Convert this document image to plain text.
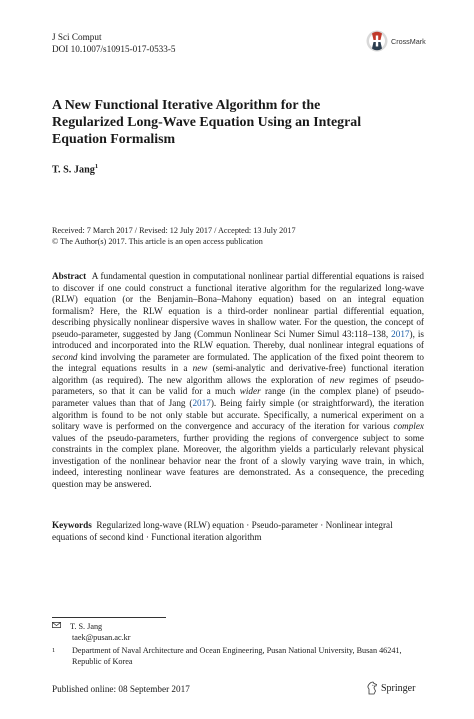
J Sci Comput
DOI 10.1007/s10915-017-0533-5
CrossMark
A New Functional Iterative Algorithm for the Regularized Long-Wave Equation Using an Integral Equation Formalism
T. S. Jang$^1$
Received: 7 March 2017 / Revised: 12 July 2017 / Accepted: 13 July 2017
© The Author(s) 2017. This article is an open access publication

Abstract A fundamental question in computational nonlinear partial differential equations is raised to discover if one could construct a functional iterative algorithm for the regularized long-wave (RLW) equation (or the Benjamin–Bona–Mahony equation) based on an integral equation formalism? Here, the RLW equation is a third-order nonlinear partial differential equation, describing physically nonlinear dispersive waves in shallow water. For the question, the concept of pseudo-parameter, suggested by Jang (Commun Nonlinear Sci Numer Simul 43:118–138, 2017), is introduced and incorporated into the RLW equation. Thereby, dual nonlinear integral equations of second kind involving the parameter are formulated. The application of the fixed point theorem to the integral equations results in a new (semi-analytic and derivative-free) functional iteration algorithm (as required). The new algorithm allows the exploration of new regimes of pseudo-parameters, so that it can be valid for a much wider range (in the complex plane) of pseudo-parameter values than that of Jang (2017). Being fairly simple (or straightforward), the iteration algorithm is found to be not only stable but accurate. Specifically, a numerical experiment on a solitary wave is performed on the convergence and accuracy of the iteration for various complex values of the pseudo-parameters, further providing the regions of convergence subject to some constraints in the complex plane. Moreover, the algorithm yields a particularly relevant physical investigation of the nonlinear behavior near the front of a slowly varying wave train, in which, indeed, interesting nonlinear wave features are demonstrated. As a consequence, the preceding question may be answered.

Keywords Regularized long-wave (RLW) equation · Pseudo-parameter · Nonlinear integral equations of second kind · Functional iteration algorithm

T. S. Jang
taek@pusan.ac.kr
1	Department of Naval Architecture and Ocean Engineering, Pusan National University, Busan 46241, Republic of Korea
Published online: 08 September 2017	Springer
